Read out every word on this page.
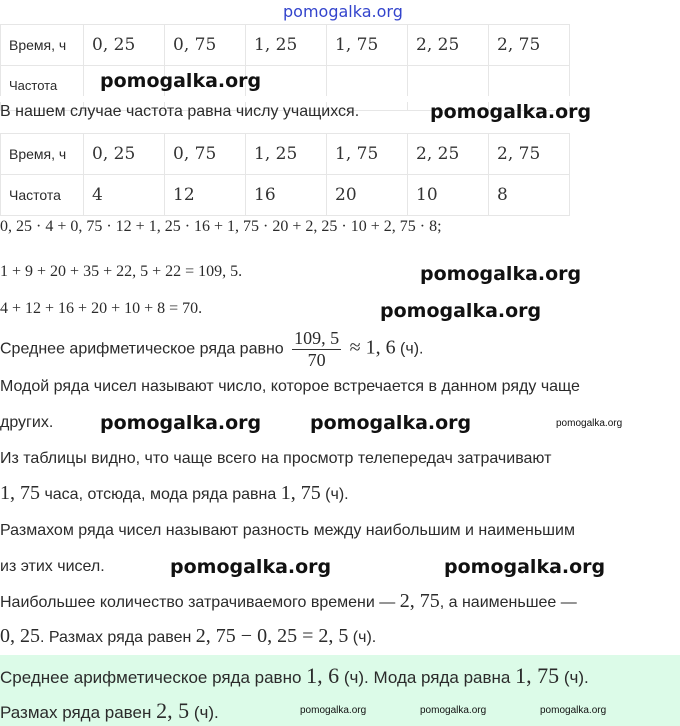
pomogalka.org
Время, ч	0, 25	0, 75	1, 25	1, 75	2, 25	2, 75
Частота						
В нашем случае частота равна числу учащихся.
Время, ч	0, 25	0, 75	1, 25	1, 75	2, 25	2, 75
Частота	4	12	16	20	10	8
0, 25 · 4 + 0, 75 · 12 + 1, 25 · 16 + 1, 75 · 20 + 2, 25 · 10 + 2, 75 · 8;
1 + 9 + 20 + 35 + 22, 5 + 22 = 109, 5.
4 + 12 + 16 + 20 + 10 + 8 = 70.
Среднее арифметическое ряда равно $\frac{109, 5}{70} \approx 1$, 6 (ч).
Модой ряда чисел называют число, которое встречается в данном ряду чаще
других.
Из таблицы видно, что чаще всего на просмотр телепередач затрачивают
1, 75 часа, отсюда, мода ряда равна 1, 75 (ч).
Размахом ряда чисел называют разность между наибольшим и наименьшим
из этих чисел.
Наибольшее количество затрачиваемого времени — 2, 75, а наименьшее —
0, 25. Размах ряда равен 2, 75 − 0, 25 = 2, 5 (ч).
Среднее арифметическое ряда равно 1, 6 (ч). Мода ряда равна 1, 75 (ч).
Размах ряда равен 2, 5 (ч).	pomogalka.org	pomogalka.org	pomogalka.org
pomogalka.org
pomogalka.org
pomogalka.org
pomogalka.org
pomogalka.org	pomogalka.org	pomogalka.org
pomogalka.org	pomogalka.org
